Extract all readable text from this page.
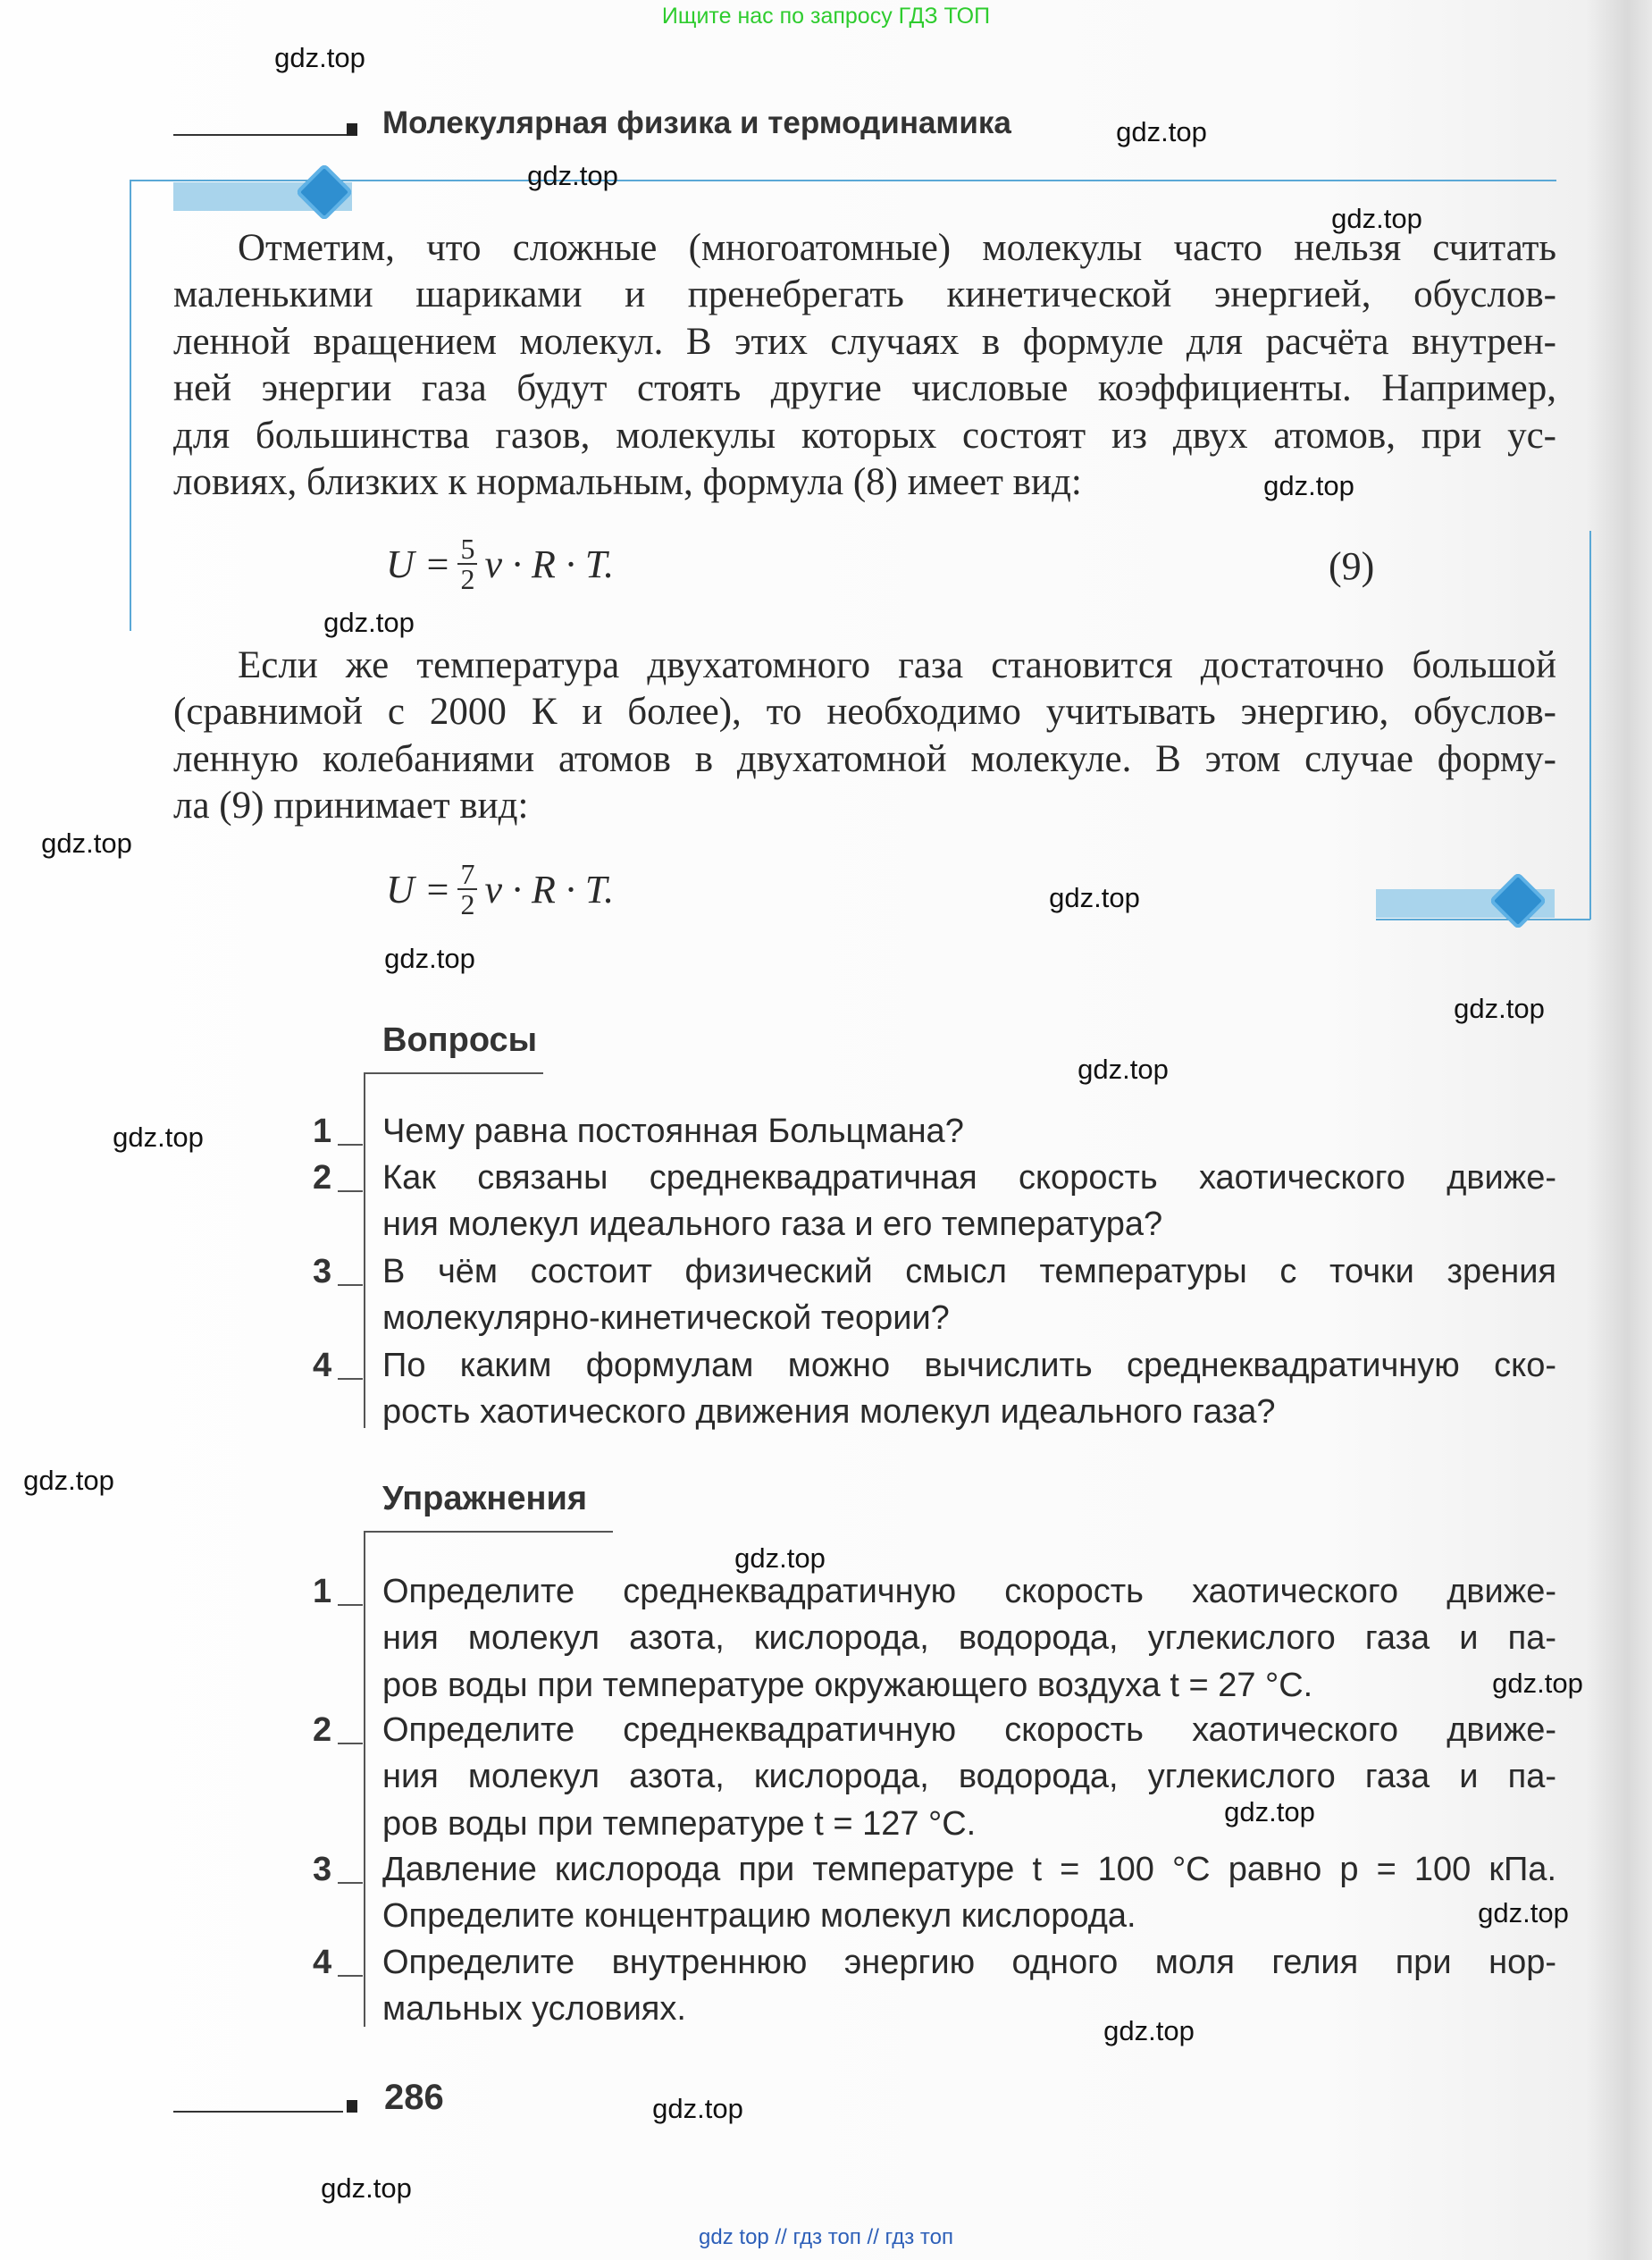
Ищите нас по запросу ГДЗ ТОП
Молекулярная физика и термодинамика
Отметим, что сложные (многоатомные) молекулы часто нельзя считать
маленькими шариками и пренебрегать кинетической энергией, обуслов-
ленной вращением молекул. В этих случаях в формуле для расчёта внутрен-
ней энергии газа будут стоять другие числовые коэффициенты. Например,
для большинства газов, молекулы которых состоят из двух атомов, при ус-
ловиях, близких к нормальным, формула (8) имеет вид:
$U = \frac{5}{2}$ ν · R · T.	(9)
Если же температура двухатомного газа становится достаточно большой
(сравнимой с 2000 К и более), то необходимо учитывать энергию, обуслов-
ленную колебаниями атомов в двухатомной молекуле. В этом случае форму-
ла (9) принимает вид:
$U = \frac{7}{2}$ ν · R · T.
Вопросы
1 Чему равна постоянная Больцмана?
2 Как связаны среднеквадратичная скорость хаотического движе-
ния молекул идеального газа и его температура?
3 В чём состоит физический смысл температуры с точки зрения
молекулярно-кинетической теории?
4 По каким формулам можно вычислить среднеквадратичную ско-
рость хаотического движения молекул идеального газа?
Упражнения
1 Определите среднеквадратичную скорость хаотического движе-
ния молекул азота, кислорода, водорода, углекислого газа и па-
ров воды при температуре окружающего воздуха t = 27 °C.
2 Определите среднеквадратичную скорость хаотического движе-
ния молекул азота, кислорода, водорода, углекислого газа и па-
ров воды при температуре t = 127 °C.
3 Давление кислорода при температуре t = 100 °C равно p = 100 кПа.
Определите концентрацию молекул кислорода.
4 Определите внутреннюю энергию одного моля гелия при нор-
мальных условиях.
286
gdz.top
gdz.top
gdz.top
gdz.top
gdz.top
gdz.top
gdz.top
gdz.top
gdz.top
gdz.top
gdz.top
gdz.top
gdz.top
gdz.top
gdz.top
gdz.top
gdz.top
gdz.top
gdz.top
gdz.top
gdz top // гдз топ // гдз топ
